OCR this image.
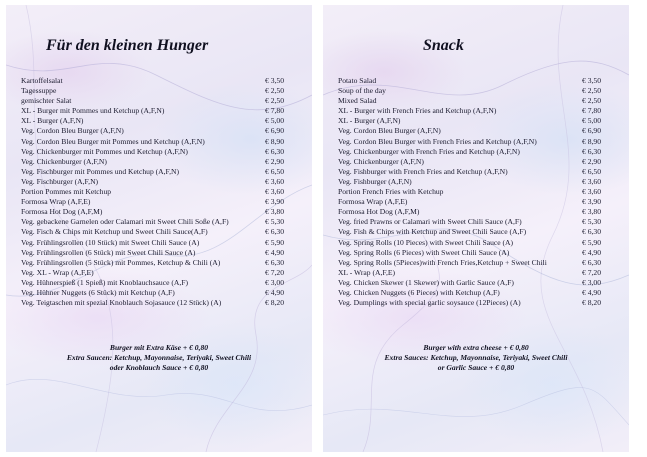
Für den kleinen Hunger
Kartoffelsalat	€ 3,50
Tagessuppe	€ 2,50
gemischter Salat	€ 2,50
XL - Burger mit Pommes und Ketchup (A,F,N)	€ 7,80
XL - Burger (A,F,N)	€ 5,00
Veg. Cordon Bleu Burger (A,F,N)	€ 6,90
Veg. Cordon Bleu Burger mit Pommes und Ketchup (A,F,N)	€ 8,90
Veg. Chickenburger mit Pommes und Ketchup (A,F,N)	€ 6,30
Veg. Chickenburger (A,F,N)	€ 2,90
Veg. Fischburger mit Pommes und Ketchup (A,F,N)	€ 6,50
Veg. Fischburger (A,F,N)	€ 3,60
Portion Pommes mit Ketchup	€ 3,60
Formosa Wrap (A,F,E)	€ 3,90
Formosa Hot Dog (A,F,M)	€ 3,80
Veg. gebackene Garnelen oder Calamari mit Sweet Chili Soße (A,F)	€ 5,30
Veg. Fisch & Chips mit Ketchup und Sweet Chili Sauce(A,F)	€ 6,30
Veg. Frühlingsrollen (10 Stück) mit Sweet Chili Sauce (A)	€ 5,90
Veg. Frühlingsrollen (6 Stück) mit Sweet Chili Sauce (A)	€ 4,90
Veg. Frühlingsrollen (5 Stück) mit Pommes, Ketchup & Chili (A)	€ 6,30
Veg. XL - Wrap (A,F,E)	€ 7,20
Veg. Hühnerspieß (1 Spieß) mit Knoblauchsauce (A,F)	€ 3,00
Veg. Hühner Nuggets (6 Stück) mit Ketchup (A,F)	€ 4,90
Veg. Teigtaschen mit spezial Knoblauch Sojasauce (12 Stück) (A)	€ 8,20
Burger mit Extra Käse + € 0,80
Extra Saucen: Ketchup, Mayonnaise, Teriyaki, Sweet Chili
oder Knoblauch Sauce + € 0,80
Snack
Potato Salad	€ 3,50
Soup of the day	€ 2,50
Mixed Salad	€ 2,50
XL - Burger with French Fries and Ketchup (A,F,N)	€ 7,80
XL - Burger (A,F,N)	€ 5,00
Veg. Cordon Bleu Burger (A,F,N)	€ 6,90
Veg. Cordon Bleu Burger with French Fries and Ketchup (A,F,N)	€ 8,90
Veg. Chickenburger with French Fries and Ketchup (A,F,N)	€ 6,30
Veg. Chickenburger (A,F,N)	€ 2,90
Veg. Fishburger with French Fries and Ketchup (A,F,N)	€ 6,50
Veg. Fishburger (A,F,N)	€ 3,60
Portion French Fries with Ketchup	€ 3,60
Formosa Wrap (A,F,E)	€ 3,90
Formosa Hot Dog (A,F,M)	€ 3,80
Veg. fried Prawns or Calamari with Sweet Chili Sauce (A,F)	€ 5,30
Veg. Fish & Chips with Ketchup and Sweet Chili Sauce (A,F)	€ 6,30
Veg. Spring Rolls (10 Pieces) with Sweet Chili Sauce (A)	€ 5,90
Veg. Spring Rolls (6 Pieces) with Sweet Chili Sauce (A)	€ 4,90
Veg. Spring Rolls (5Pieces)with French Fries,Ketchup + Sweet Chili	€ 6,30
XL - Wrap (A,F,E)	€ 7,20
Veg. Chicken Skewer (1 Skewer) with Garlic Sauce (A,F)	€ 3,00
Veg. Chicken Nuggets (6 Pieces) with Ketchup (A,F)	€ 4,90
Veg. Dumplings with special garlic soysauce (12Pieces) (A)	€ 8,20
Burger with extra cheese + € 0,80
Extra Sauces: Ketchup, Mayonnaise, Teriyaki, Sweet Chili
or Garlic Sauce + € 0,80
